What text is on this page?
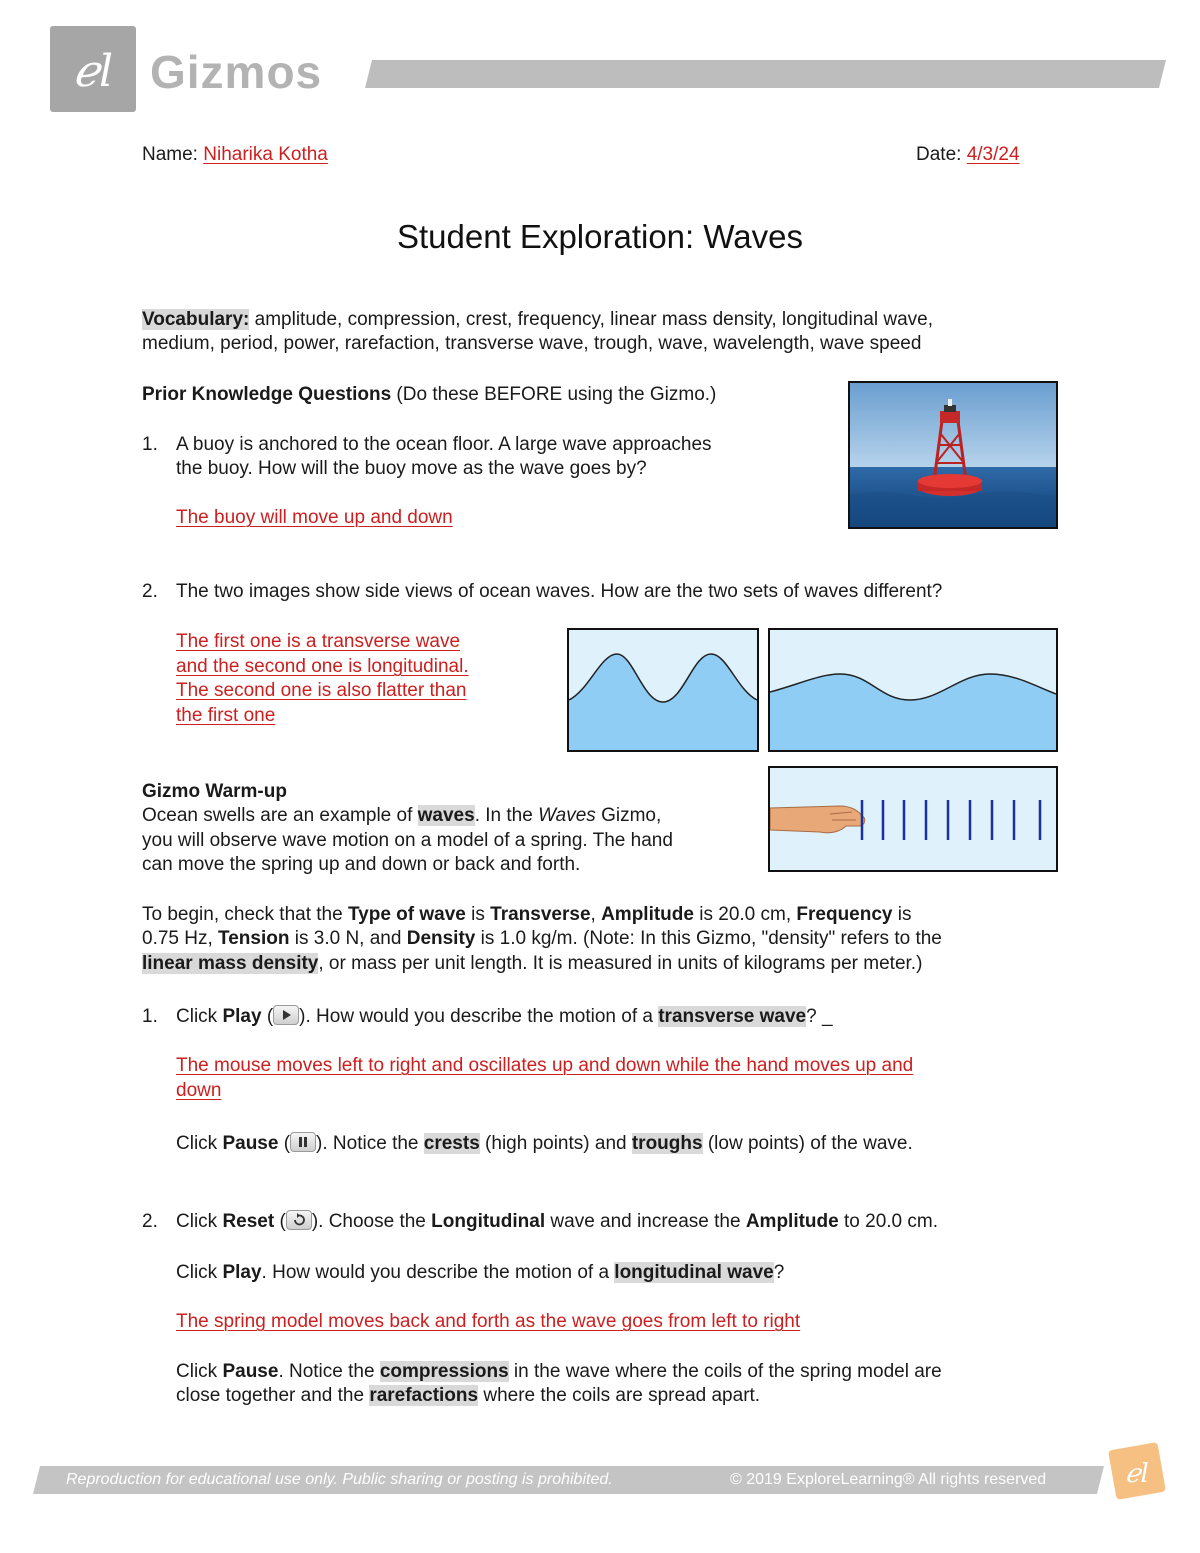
ℯl Gizmos
Name: Niharika Kotha	Date: 4/3/24
Student Exploration: Waves
Vocabulary: amplitude, compression, crest, frequency, linear mass density, longitudinal wave,
medium, period, power, rarefaction, transverse wave, trough, wave, wavelength, wave speed
Prior Knowledge Questions (Do these BEFORE using the Gizmo.)
1. A buoy is anchored to the ocean floor. A large wave approaches
the buoy. How will the buoy move as the wave goes by?
The buoy will move up and down
2. The two images show side views of ocean waves. How are the two sets of waves different?
The first one is a transverse wave
and the second one is longitudinal.
The second one is also flatter than
the first one
Gizmo Warm-up
Ocean swells are an example of waves. In the Waves Gizmo,
you will observe wave motion on a model of a spring. The hand
can move the spring up and down or back and forth.
To begin, check that the Type of wave is Transverse, Amplitude is 20.0 cm, Frequency is
0.75 Hz, Tension is 3.0 N, and Density is 1.0 kg/m. (Note: In this Gizmo, "density" refers to the
linear mass density, or mass per unit length. It is measured in units of kilograms per meter.)
1. Click Play ( ). How would you describe the motion of a transverse wave? _
The mouse moves left to right and oscillates up and down while the hand moves up and
down
Click Pause ( ). Notice the crests (high points) and troughs (low points) of the wave.
2. Click Reset ( ). Choose the Longitudinal wave and increase the Amplitude to 20.0 cm.
Click Play. How would you describe the motion of a longitudinal wave?
The spring model moves back and forth as the wave goes from left to right
Click Pause. Notice the compressions in the wave where the coils of the spring model are
close together and the rarefactions where the coils are spread apart.
Reproduction for educational use only. Public sharing or posting is prohibited.	© 2019 ExploreLearning® All rights reserved	ℯl
